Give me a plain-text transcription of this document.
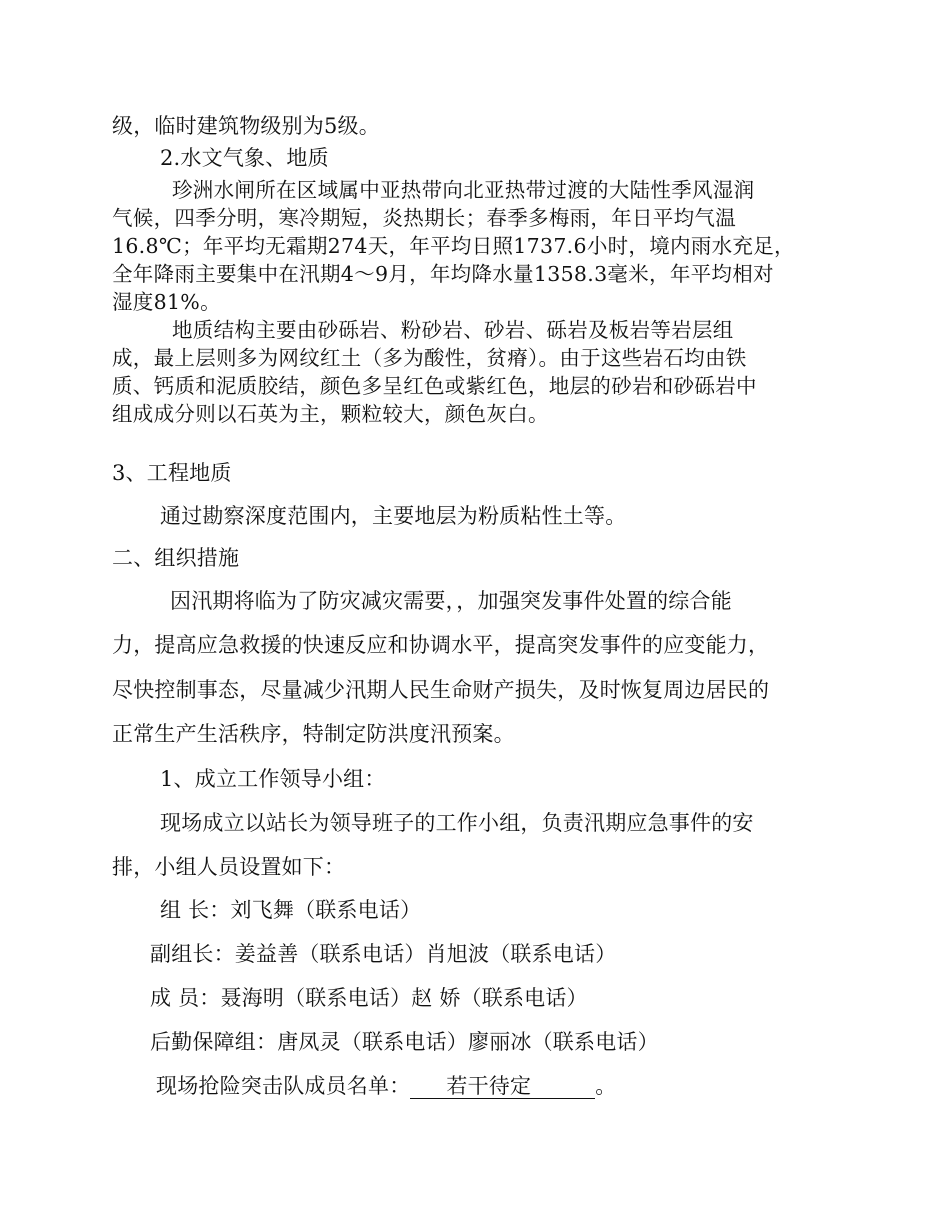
级，临时建筑物级别为5级。
2.水文气象、地质
珍洲水闸所在区域属中亚热带向北亚热带过渡的大陆性季风湿润
气候，四季分明，寒冷期短，炎热期长；春季多梅雨，年日平均气温
16.8℃；年平均无霜期274天，年平均日照1737.6小时，境内雨水充足，
全年降雨主要集中在汛期4～9月，年均降水量1358.3毫米，年平均相对
湿度81%。
地质结构主要由砂砾岩、粉砂岩、砂岩、砾岩及板岩等岩层组
成，最上层则多为网纹红土（多为酸性，贫瘠）。由于这些岩石均由铁
质、钙质和泥质胶结，颜色多呈红色或紫红色，地层的砂岩和砂砾岩中
组成成分则以石英为主，颗粒较大，颜色灰白。
3、工程地质
通过勘察深度范围内，主要地层为粉质粘性土等。
二、组织措施
因汛期将临为了防灾减灾需要，，加强突发事件处置的综合能
力，提高应急救援的快速反应和协调水平，提高突发事件的应变能力，
尽快控制事态，尽量减少汛期人民生命财产损失，及时恢复周边居民的
正常生产生活秩序，特制定防洪度汛预案。
1、成立工作领导小组：
现场成立以站长为领导班子的工作小组，负责汛期应急事件的安
排，小组人员设置如下：
组 长：刘飞舞（联系电话）
副组长：姜益善（联系电话）肖旭波（联系电话）
成 员：聂海明（联系电话）赵 娇（联系电话）
后勤保障组：唐凤灵（联系电话）廖丽冰（联系电话）
现场抢险突击队成员名单： 若干待定	。
